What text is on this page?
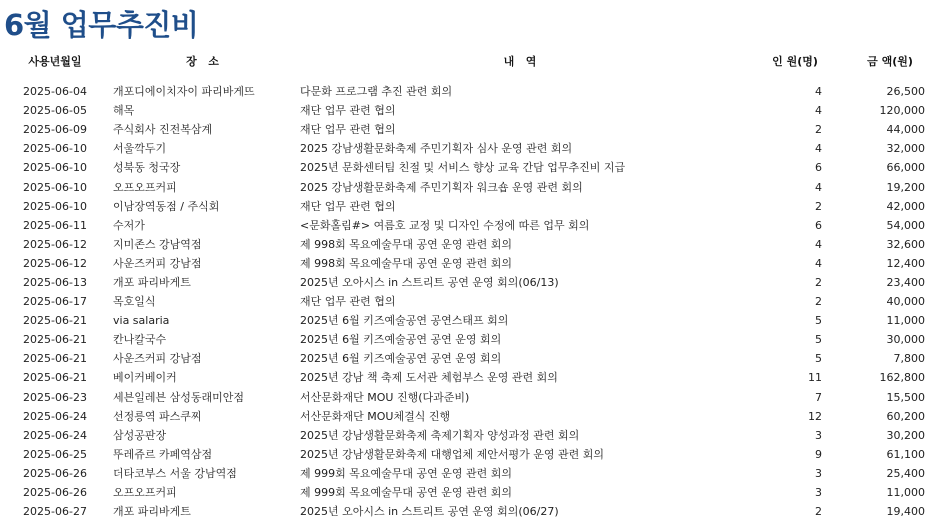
6월 업무추진비
사용년월일	장   소	내   역	인 원(명)	금 액(원)

2025-06-04	개포디에이치자이 파리바게뜨	다문화 프로그램 추진 관련 회의	4	26,500
2025-06-05	해목	재단 업무 관련 협의	4	120,000
2025-06-09	주식회사 진전복삼계	재단 업무 관련 협의	2	44,000
2025-06-10	서울깍두기	2025 강남생활문화축제 주민기획자 심사 운영 관련 회의	4	32,000
2025-06-10	성북동 청국장	2025년 문화센터팀 친절 및 서비스 향상 교육 간담 업무추진비 지급	6	66,000
2025-06-10	오프오프커피	2025 강남생활문화축제 주민기획자 워크숍 운영 관련 회의	4	19,200
2025-06-10	이남장역동점 / 주식회	재단 업무 관련 협의	2	42,000
2025-06-11	수저가	<문화홀림#> 여름호 교정 및 디자인 수정에 따른 업무 회의	6	54,000
2025-06-12	지미존스 강남역점	제 998회 목요예술무대 공연 운영 관련 회의	4	32,600
2025-06-12	사운즈커피 강남점	제 998회 목요예술무대 공연 운영 관련 회의	4	12,400
2025-06-13	개포 파리바게트	2025년 오아시스 in 스트리트 공연 운영 회의(06/13)	2	23,400
2025-06-17	목호일식	재단 업무 관련 협의	2	40,000
2025-06-21	via salaria	2025년 6월 키즈예술공연 공연스태프 회의	5	11,000
2025-06-21	칸나칼국수	2025년 6월 키즈예술공연 공연 운영 회의	5	30,000
2025-06-21	사운즈커피 강남점	2025년 6월 키즈예술공연 공연 운영 회의	5	7,800
2025-06-21	베이커베이커	2025년 강남 책 축제 도서관 체험부스 운영 관련 회의	11	162,800
2025-06-23	세븐일레븐 삼성동래미안점	서산문화재단 MOU 진행(다과준비)	7	15,500
2025-06-24	선정릉역 파스쿠찌	서산문화재단 MOU체결식 진행	12	60,200
2025-06-24	삼성공판장	2025년 강남생활문화축제 축제기획자 양성과정 관련 회의	3	30,200
2025-06-25	뚜레쥬르 카페역삼점	2025년 강남생활문화축제 대행업체 제안서평가 운영 관련 회의	9	61,100
2025-06-26	더타코부스 서울 강남역점	제 999회 목요예술무대 공연 운영 관련 회의	3	25,400
2025-06-26	오프오프커피	제 999회 목요예술무대 공연 운영 관련 회의	3	11,000
2025-06-27	개포 파리바게트	2025년 오아시스 in 스트리트 공연 운영 회의(06/27)	2	19,400
